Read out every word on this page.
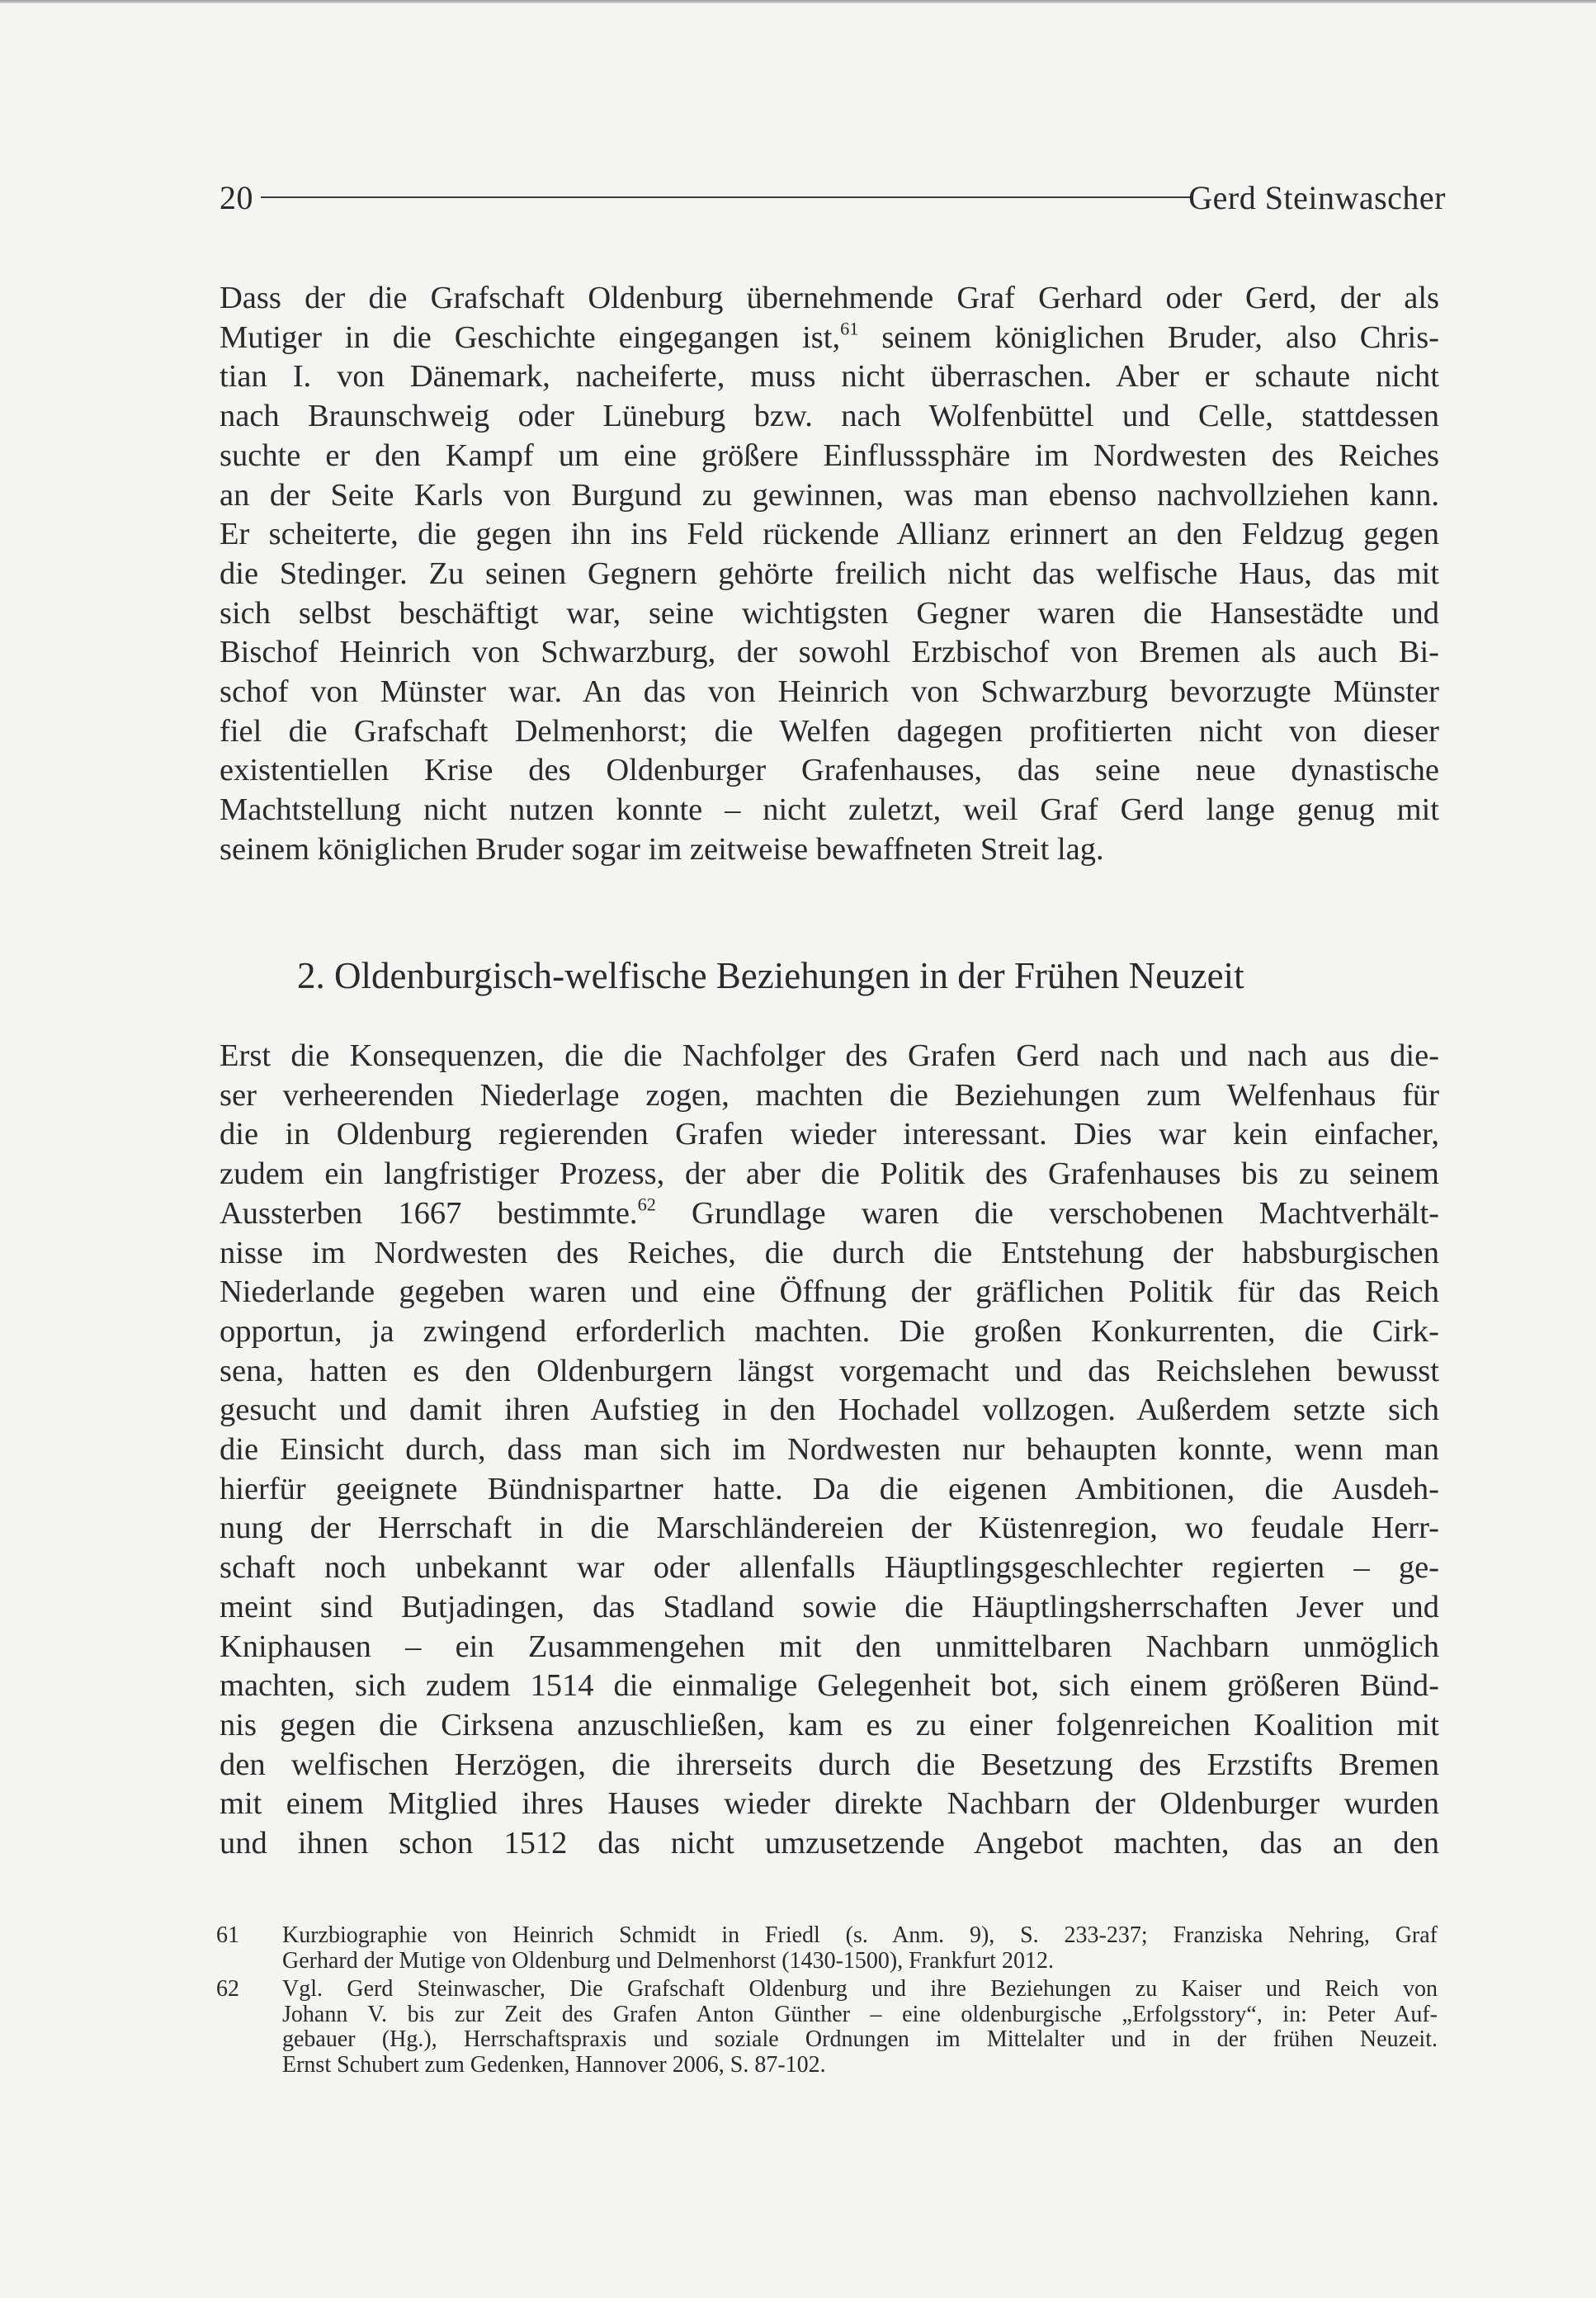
20	Gerd Steinwascher

Dass der die Grafschaft Oldenburg übernehmende Graf Gerhard oder Gerd, der als
Mutiger in die Geschichte eingegangen ist,$^{61}$ seinem königlichen Bruder, also Chris-
tian I. von Dänemark, nacheiferte, muss nicht überraschen. Aber er schaute nicht
nach Braunschweig oder Lüneburg bzw. nach Wolfenbüttel und Celle, stattdessen
suchte er den Kampf um eine größere Einflusssphäre im Nordwesten des Reiches
an der Seite Karls von Burgund zu gewinnen, was man ebenso nachvollziehen kann.
Er scheiterte, die gegen ihn ins Feld rückende Allianz erinnert an den Feldzug gegen
die Stedinger. Zu seinen Gegnern gehörte freilich nicht das welfische Haus, das mit
sich selbst beschäftigt war, seine wichtigsten Gegner waren die Hansestädte und
Bischof Heinrich von Schwarzburg, der sowohl Erzbischof von Bremen als auch Bi-
schof von Münster war. An das von Heinrich von Schwarzburg bevorzugte Münster
fiel die Grafschaft Delmenhorst; die Welfen dagegen profitierten nicht von dieser
existentiellen Krise des Oldenburger Grafenhauses, das seine neue dynastische
Machtstellung nicht nutzen konnte – nicht zuletzt, weil Graf Gerd lange genug mit
seinem königlichen Bruder sogar im zeitweise bewaffneten Streit lag.

2. Oldenburgisch-welfische Beziehungen in der Frühen Neuzeit

Erst die Konsequenzen, die die Nachfolger des Grafen Gerd nach und nach aus die-
ser verheerenden Niederlage zogen, machten die Beziehungen zum Welfenhaus für
die in Oldenburg regierenden Grafen wieder interessant. Dies war kein einfacher,
zudem ein langfristiger Prozess, der aber die Politik des Grafenhauses bis zu seinem
Aussterben 1667 bestimmte.$^{62}$ Grundlage waren die verschobenen Machtverhält-
nisse im Nordwesten des Reiches, die durch die Entstehung der habsburgischen
Niederlande gegeben waren und eine Öffnung der gräflichen Politik für das Reich
opportun, ja zwingend erforderlich machten. Die großen Konkurrenten, die Cirk-
sena, hatten es den Oldenburgern längst vorgemacht und das Reichslehen bewusst
gesucht und damit ihren Aufstieg in den Hochadel vollzogen. Außerdem setzte sich
die Einsicht durch, dass man sich im Nordwesten nur behaupten konnte, wenn man
hierfür geeignete Bündnispartner hatte. Da die eigenen Ambitionen, die Ausdeh-
nung der Herrschaft in die Marschländereien der Küstenregion, wo feudale Herr-
schaft noch unbekannt war oder allenfalls Häuptlingsgeschlechter regierten – ge-
meint sind Butjadingen, das Stadland sowie die Häuptlingsherrschaften Jever und
Kniphausen – ein Zusammengehen mit den unmittelbaren Nachbarn unmöglich
machten, sich zudem 1514 die einmalige Gelegenheit bot, sich einem größeren Bünd-
nis gegen die Cirksena anzuschließen, kam es zu einer folgenreichen Koalition mit
den welfischen Herzögen, die ihrerseits durch die Besetzung des Erzstifts Bremen
mit einem Mitglied ihres Hauses wieder direkte Nachbarn der Oldenburger wurden
und ihnen schon 1512 das nicht umzusetzende Angebot machten, das an den

61 Kurzbiographie von Heinrich Schmidt in Friedl (s. Anm. 9), S. 233-237; Franziska Nehring, Graf
Gerhard der Mutige von Oldenburg und Delmenhorst (1430-1500), Frankfurt 2012.
62 Vgl. Gerd Steinwascher, Die Grafschaft Oldenburg und ihre Beziehungen zu Kaiser und Reich von
Johann V. bis zur Zeit des Grafen Anton Günther – eine oldenburgische „Erfolgsstory“, in: Peter Auf-
gebauer (Hg.), Herrschaftspraxis und soziale Ordnungen im Mittelalter und in der frühen Neuzeit.
Ernst Schubert zum Gedenken, Hannover 2006, S. 87-102.
